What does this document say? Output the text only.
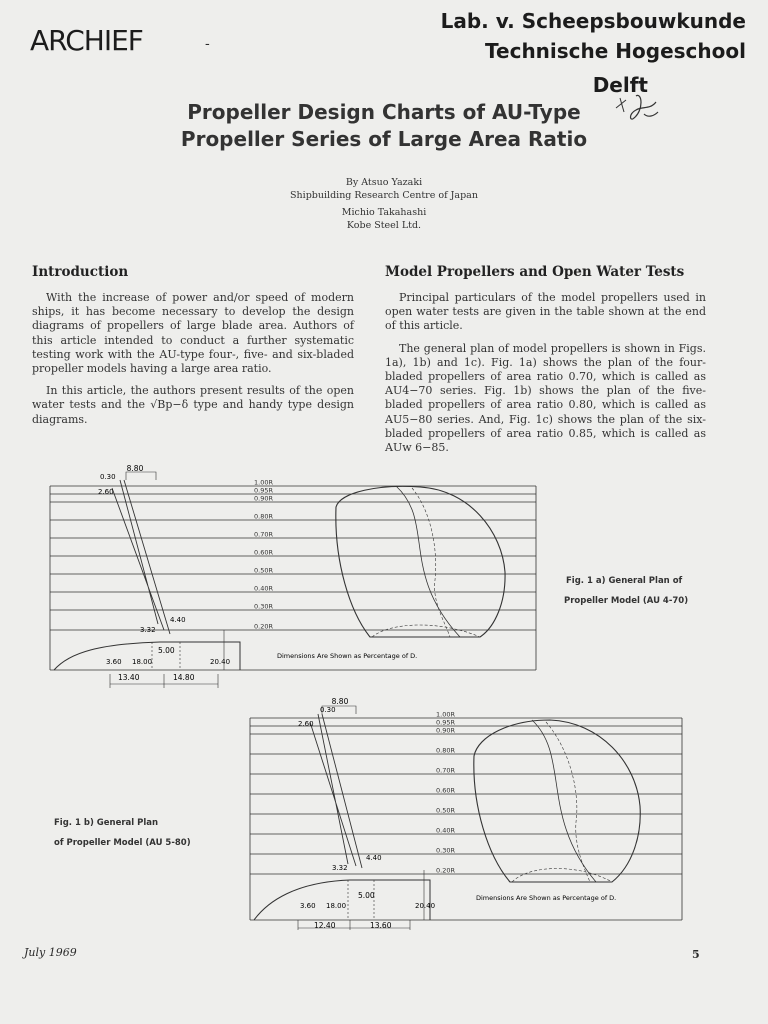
ARCHIEF	-
Lab. v. Scheepsbouwkunde
Technische Hogeschool
Delft
Propeller Design Charts of AU-Type
Propeller Series of Large Area Ratio
By Atsuo Yazaki
Shipbuilding Research Centre of Japan
Michio Takahashi
Kobe Steel Ltd.
Introduction

With the increase of power and/or speed of modern ships, it has become necessary to develop the design diagrams of propellers of large blade area. Authors of this article intended to conduct a further systematic testing work with the AU-type four-, five- and six-bladed propeller models having a large area ratio.

In this article, the authors present results of the open water tests and the √Bp−δ type and handy type design diagrams.

Model Propellers and Open Water Tests

Principal particulars of the model propellers used in open water tests are given in the table shown at the end of this article.

The general plan of model propellers is shown in Figs. 1a), 1b) and 1c). Fig. 1a) shows the plan of the four-bladed propellers of area ratio 0.70, which is called as AU4−70 series. Fig. 1b) shows the plan of the five-bladed propellers of area ratio 0.80, which is called as AU5−80 series. And, Fig. 1c) shows the plan of the six-bladed propellers of area ratio 0.85, which is called as AUw 6−85.

8.80
0.30
2.60
4.40
3.32
5.00
3.60 18.00	20.40
13.40	14.80
Dimensions Are Shown as Percentage of D.
1.00R
0.95R
0.90R
0.80R
0.70R
0.60R
0.50R
0.40R
0.30R
0.20R
Fig. 1 a) General Plan of
Propeller Model (AU 4-70)
8.80
0.30
2.60
4.40
3.32
5.00
3.60 18.00	20.40
12.40	13.60
Dimensions Are Shown as Percentage of D.
1.00R
0.95R
0.90R
0.80R
0.70R
0.60R
0.50R
0.40R
0.30R
0.20R
Fig. 1 b) General Plan
of Propeller Model (AU 5-80)
July 1969	5
